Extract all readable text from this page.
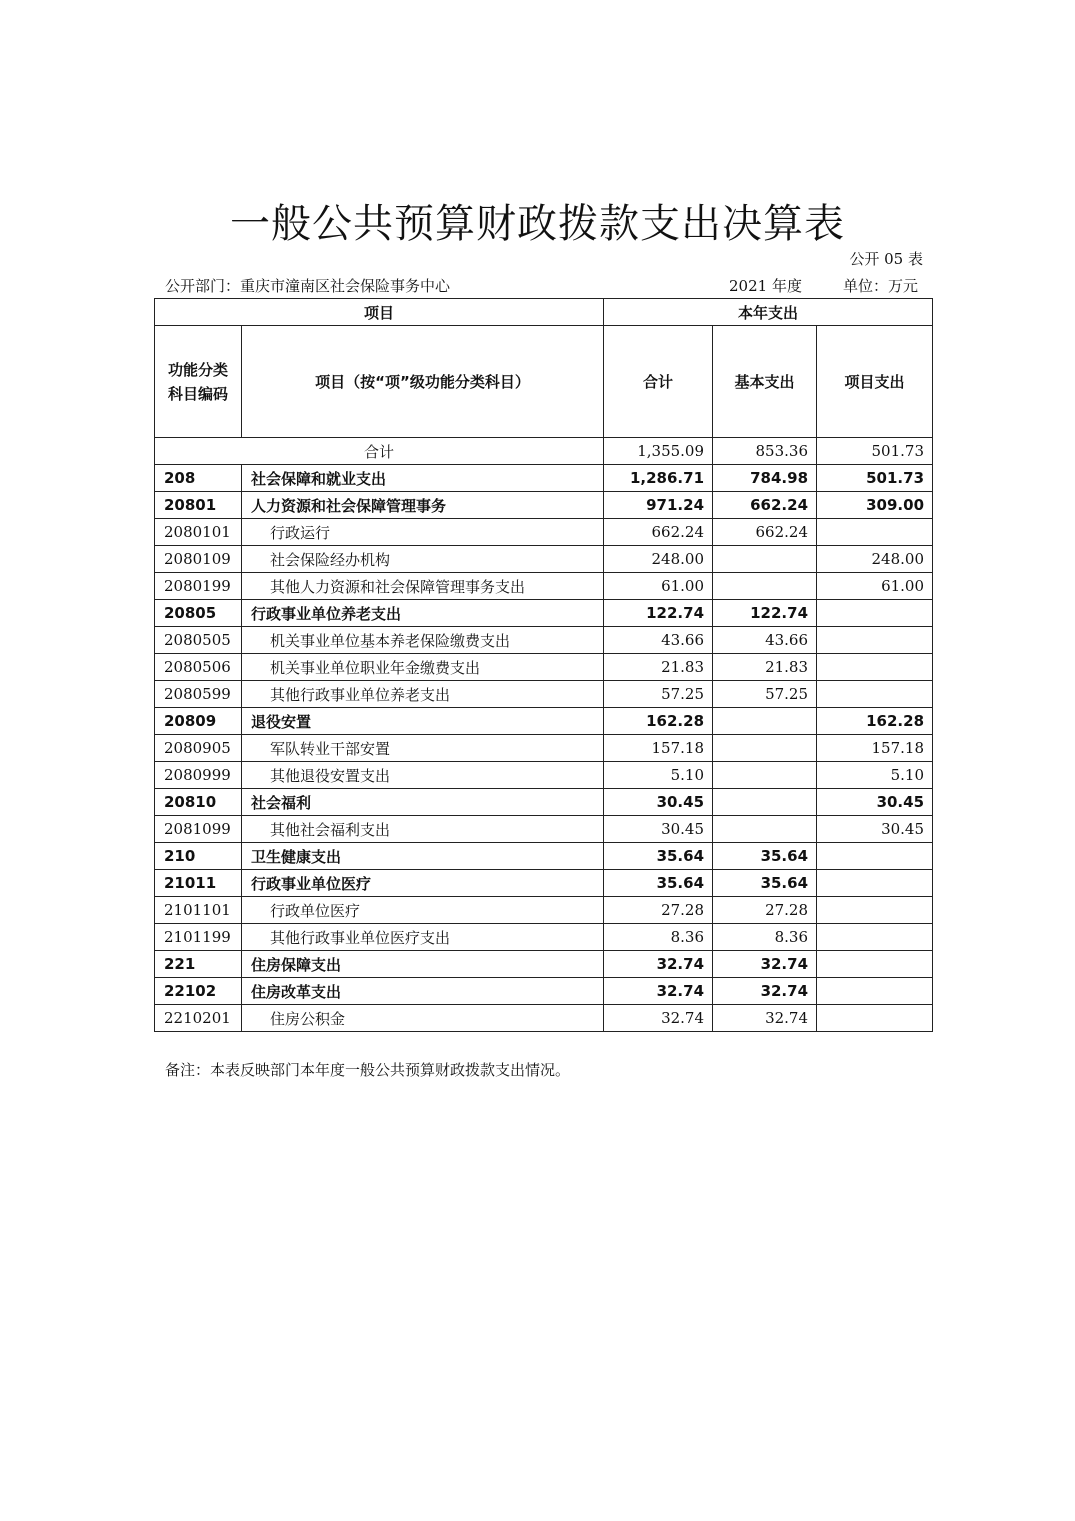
一般公共预算财政拨款支出决算表
公开 05 表
公开部门：重庆市潼南区社会保险事务中心	2021 年度	单位：万元
项目		本年支出		
功能分类科目编码	项目（按“项”级功能分类科目）	合计	基本支出	项目支出
合计		1,355.09	853.36	501.73
208	社会保障和就业支出	1,286.71	784.98	501.73
20801	人力资源和社会保障管理事务	971.24	662.24	309.00
2080101	行政运行	662.24	662.24	
2080109	社会保险经办机构	248.00		248.00
2080199	其他人力资源和社会保障管理事务支出	61.00		61.00
20805	行政事业单位养老支出	122.74	122.74	
2080505	机关事业单位基本养老保险缴费支出	43.66	43.66	
2080506	机关事业单位职业年金缴费支出	21.83	21.83	
2080599	其他行政事业单位养老支出	57.25	57.25	
20809	退役安置	162.28		162.28
2080905	军队转业干部安置	157.18		157.18
2080999	其他退役安置支出	5.10		5.10
20810	社会福利	30.45		30.45
2081099	其他社会福利支出	30.45		30.45
210	卫生健康支出	35.64	35.64	
21011	行政事业单位医疗	35.64	35.64	
2101101	行政单位医疗	27.28	27.28	
2101199	其他行政事业单位医疗支出	8.36	8.36	
221	住房保障支出	32.74	32.74	
22102	住房改革支出	32.74	32.74	
2210201	住房公积金	32.74	32.74	
备注：本表反映部门本年度一般公共预算财政拨款支出情况。
